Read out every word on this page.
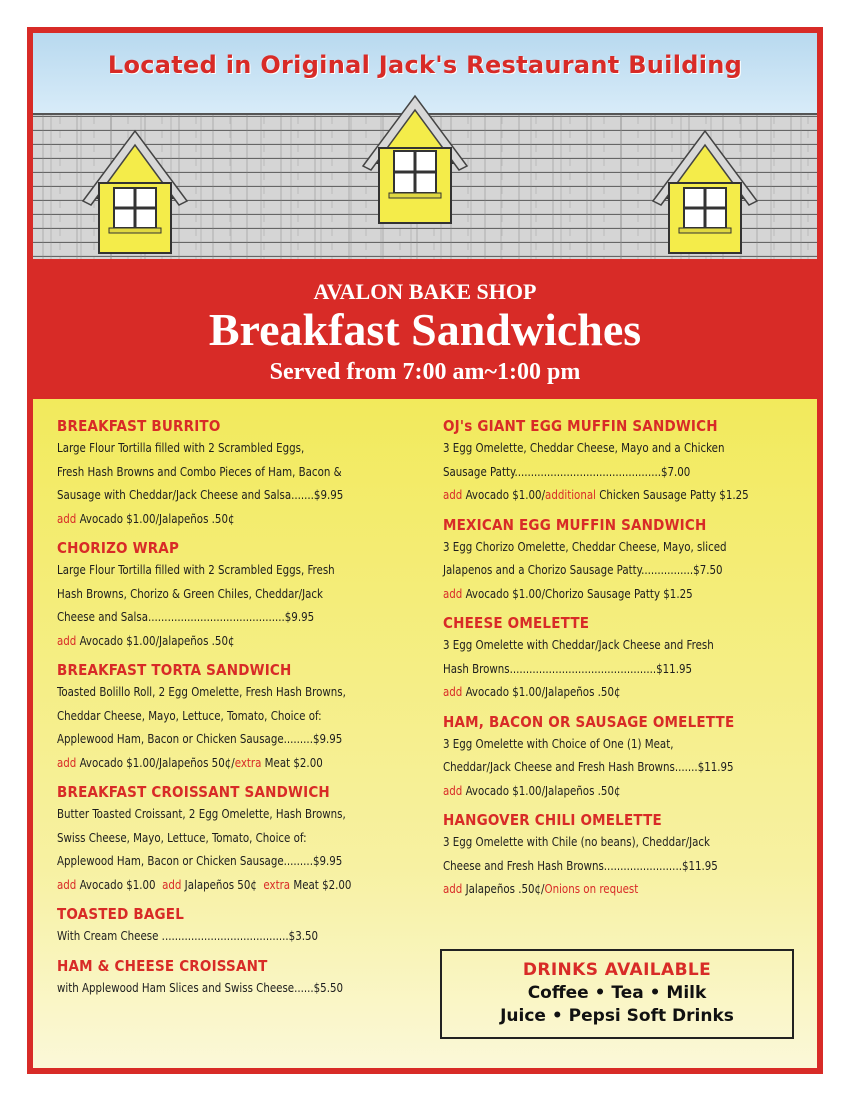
Located in Original Jack's Restaurant Building
AVALON BAKE SHOP
Breakfast Sandwiches
Served from 7:00 am~1:00 pm
BREAKFAST BURRITO
Large Flour Tortilla filled with 2 Scrambled Eggs,
Fresh Hash Browns and Combo Pieces of Ham, Bacon &
Sausage with Cheddar/Jack Cheese and Salsa.......$9.95
add Avocado $1.00/Jalapeños .50¢
CHORIZO WRAP
Large Flour Tortilla filled with 2 Scrambled Eggs, Fresh
Hash Browns, Chorizo & Green Chiles, Cheddar/Jack
Cheese and Salsa..........................................$9.95
add Avocado $1.00/Jalapeños .50¢
BREAKFAST TORTA SANDWICH
Toasted Bolillo Roll, 2 Egg Omelette, Fresh Hash Browns,
Cheddar Cheese, Mayo, Lettuce, Tomato, Choice of:
Applewood Ham, Bacon or Chicken Sausage.........$9.95
add Avocado $1.00/Jalapeños 50¢/extra Meat $2.00
BREAKFAST CROISSANT SANDWICH
Butter Toasted Croissant, 2 Egg Omelette, Hash Browns,
Swiss Cheese, Mayo, Lettuce, Tomato, Choice of:
Applewood Ham, Bacon or Chicken Sausage.........$9.95
add Avocado $1.00  add Jalapeños 50¢  extra Meat $2.00
TOASTED BAGEL
With Cream Cheese .......................................$3.50
HAM & CHEESE CROISSANT
with Applewood Ham Slices and Swiss Cheese......$5.50
OJ's GIANT EGG MUFFIN SANDWICH
3 Egg Omelette, Cheddar Cheese, Mayo and a Chicken
Sausage Patty.............................................$7.00
add Avocado $1.00/additional Chicken Sausage Patty $1.25
MEXICAN EGG MUFFIN SANDWICH
3 Egg Chorizo Omelette, Cheddar Cheese, Mayo, sliced
Jalapenos and a Chorizo Sausage Patty................$7.50
add Avocado $1.00/Chorizo Sausage Patty $1.25
CHEESE OMELETTE
3 Egg Omelette with Cheddar/Jack Cheese and Fresh
Hash Browns.............................................$11.95
add Avocado $1.00/Jalapeños .50¢
HAM, BACON OR SAUSAGE OMELETTE
3 Egg Omelette with Choice of One (1) Meat,
Cheddar/Jack Cheese and Fresh Hash Browns.......$11.95
add Avocado $1.00/Jalapeños .50¢
HANGOVER CHILI OMELETTE
3 Egg Omelette with Chile (no beans), Cheddar/Jack
Cheese and Fresh Hash Browns........................$11.95
add Jalapeños .50¢/Onions on request
DRINKS AVAILABLE
Coffee • Tea • Milk
Juice • Pepsi Soft Drinks
